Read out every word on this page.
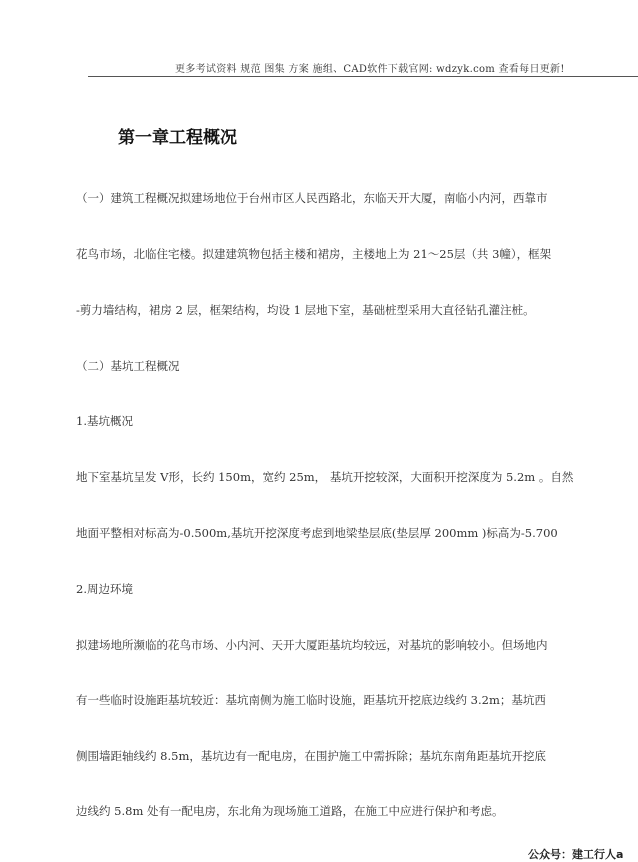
更多考试资料 规范 图集 方案 施组、CAD软件下载官网: wdzyk.com 查看每日更新!
第一章工程概况
（一）建筑工程概况拟建场地位于台州市区人民西路北，东临天开大厦，南临小内河，西靠市
花鸟市场，北临住宅楼。拟建建筑物包括主楼和裙房，主楼地上为 21～25层（共 3幢），框架
-剪力墙结构，裙房 2 层，框架结构，均设 1 层地下室，基础桩型采用大直径钻孔灌注桩。
（二）基坑工程概况
1.基坑概况
地下室基坑呈发 V形，长约 150m，宽约 25m， 基坑开挖较深，大面积开挖深度为 5.2m 。自然
地面平整相对标高为-0.500m,基坑开挖深度考虑到地梁垫层底(垫层厚 200mm )标高为-5.700
2.周边环境
拟建场地所濒临的花鸟市场、小内河、天开大厦距基坑均较远，对基坑的影响较小。但场地内
有一些临时设施距基坑较近：基坑南侧为施工临时设施，距基坑开挖底边线约 3.2m；基坑西
侧围墙距轴线约 8.5m，基坑边有一配电房，在围护施工中需拆除；基坑东南角距基坑开挖底
边线约 5.8m 处有一配电房，东北角为现场施工道路，在施工中应进行保护和考虑。
公众号：建工行人a
